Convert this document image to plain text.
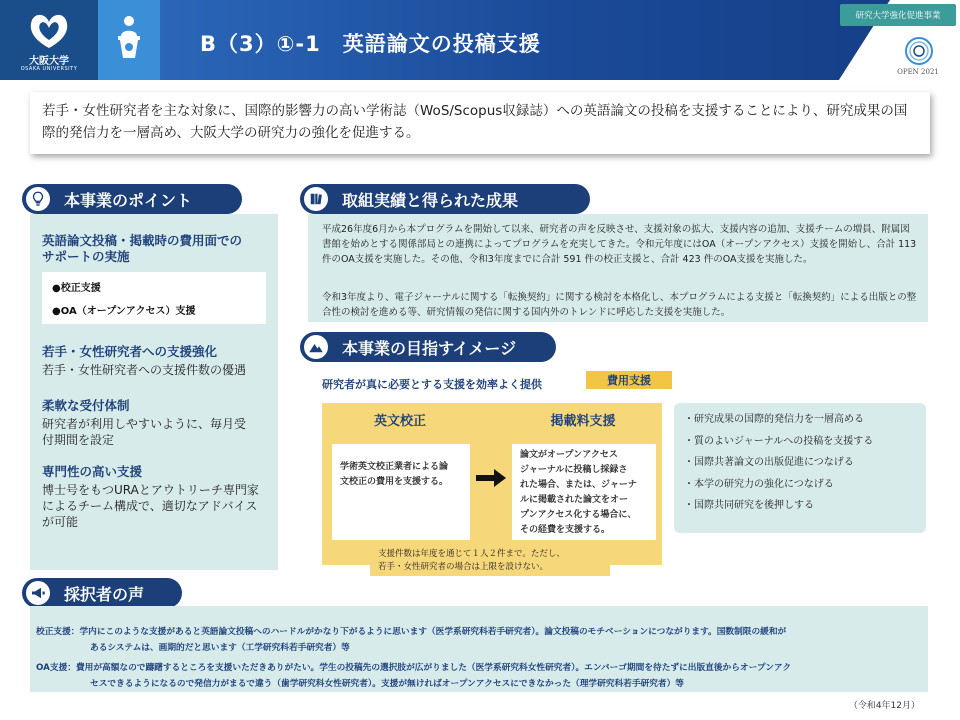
大阪大学
OSAKA UNIVERSITY
B（3）①-1　英語論文の投稿支援
研究大学強化促進事業
OPEN 2021
若手・女性研究者を主な対象に、国際的影響力の高い学術誌（WoS/Scopus収録誌）への英語論文の投稿を支援することにより、研究成果の国際的発信力を一層高め、大阪大学の研究力の強化を促進する。
本事業のポイント
英語論文投稿・掲載時の費用面での
サポートの実施
●校正支援
●OA（オープンアクセス）支援
若手・女性研究者への支援強化
若手・女性研究者への支援件数の優遇
柔軟な受付体制
研究者が利用しやすいように、毎月受
付期間を設定
専門性の高い支援
博士号をもつURAとアウトリーチ専門家
によるチーム構成で、適切なアドバイス
が可能
取組実績と得られた成果
平成26年度6月から本プログラムを開始して以来、研究者の声を反映させ、支援対象の拡大、支援内容の追加、支援チームの増員、附属図書館を始めとする関係部局との連携によってプログラムを充実してきた。令和元年度にはOA（オープンアクセス）支援を開始し、合計 113 件のOA支援を実施した。その他、令和3年度までに合計 591 件の校正支援と、合計 423 件のOA支援を実施した。
令和3年度より、電子ジャーナルに関する「転換契約」に関する検討を本格化し、本プログラムによる支援と「転換契約」による出版との整合性の検討を進める等、研究情報の発信に関する国内外のトレンドに呼応した支援を実施した。
本事業の目指すイメージ
研究者が真に必要とする支援を効率よく提供	費用支援
英文校正
学術英文校正業者による論
文校正の費用を支援する。
掲載料支援
論文がオープンアクセス
ジャーナルに投稿し採録さ
れた場合、または、ジャーナ
ルに掲載された論文をオー
プンアクセス化する場合に、
その経費を支援する。
支援件数は年度を通じて１人２件まで。ただし、
若手・女性研究者の場合は上限を設けない。
・研究成果の国際的発信力を一層高める
・質のよいジャーナルへの投稿を支援する
・国際共著論文の出版促進につなげる
・本学の研究力の強化につなげる
・国際共同研究を後押しする
採択者の声
校正支援：学内にこのような支援があると英語論文投稿へのハードルがかなり下がるように思います（医学系研究科若手研究者）。論文投稿のモチベーションにつながります。国数制限の緩和が
あるシステムは、画期的だと思います（工学研究科若手研究者）等
OA支援：費用が高額なので躊躇するところを支援いただきありがたい。学生の投稿先の選択肢が広がりました（医学系研究科女性研究者）。エンバーゴ期間を待たずに出版直後からオープンアク
セスできるようになるので発信力がまるで違う（歯学研究科女性研究者）。支援が無ければオープンアクセスにできなかった（理学研究科若手研究者）等
（令和4年12月）
